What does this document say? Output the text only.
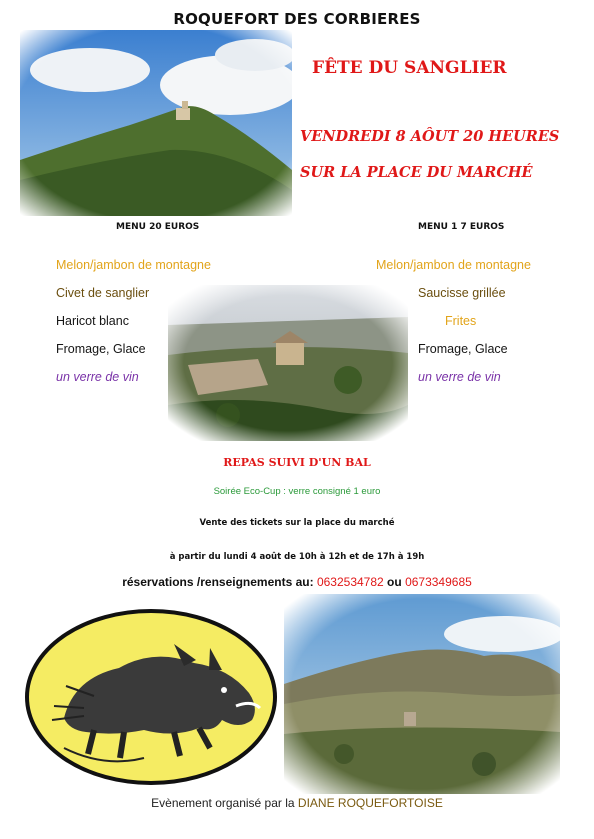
ROQUEFORT DES CORBIERES
FÊTE DU SANGLIER
VENDREDI 8 AÔUT 20 HEURES
SUR LA PLACE DU MARCHÉ
MENU 20 EUROS
Melon/jambon de montagne
Civet de sanglier
Haricot blanc
Fromage, Glace
un verre de vin
MENU 1 7 EUROS
Melon/jambon de montagne
Saucisse grillée
Frites
Fromage, Glace
un verre de vin
REPAS SUIVI D'UN BAL
Soirée Eco-Cup : verre consigné 1 euro
Vente des tickets sur la place du marché
à partir du lundi 4 août de 10h à 12h et de 17h à 19h
réservations /renseignements au: 0632534782 ou 0673349685
Evènement organisé par la DIANE ROQUEFORTOISE
